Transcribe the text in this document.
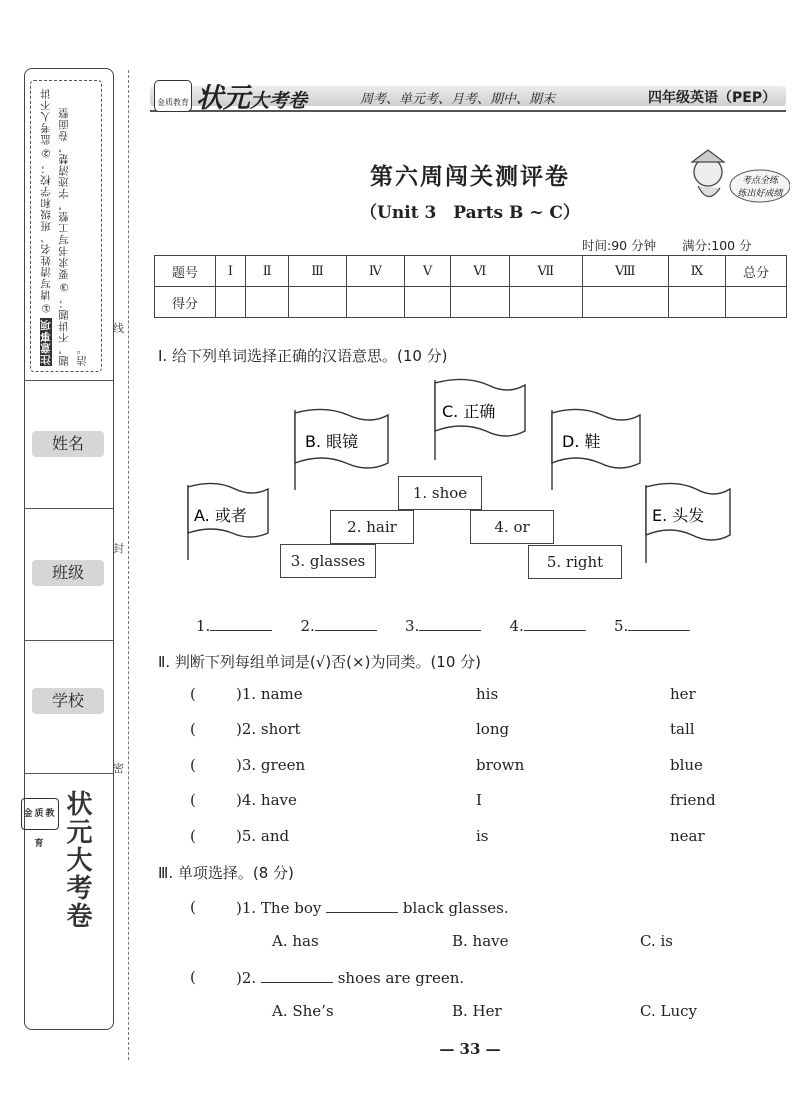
注意事项 ①请写清姓名、班级和学校； ②监考人不讲题，不讲题； ③要求书写工整，字迹清楚，卷面整洁。
姓名
班级
学校
状元大考卷
金质教育
线
封
密
金质教育 状元大考卷	周考、单元考、月考、期中、期末	四年级英语（PEP）
第六周闯关测评卷
（Unit 3　Parts B ~ C）
考点全练
练出好成绩
时间:90 分钟 满分:100 分
题号	Ⅰ	Ⅱ	Ⅲ	Ⅳ	Ⅴ	Ⅵ	Ⅶ	Ⅷ	Ⅸ	总分
得分										
Ⅰ. 给下列单词选择正确的汉语意思。(10 分)
A. 或者
B. 眼镜
C. 正确
D. 鞋
E. 头发
1. shoe
2. hair	4. or
3. glasses	5. right
1.	2.	3.	4.	5.
Ⅱ. 判断下列每组单词是(√)否(×)为同类。(10 分)
(	)1. name	his	her
(	)2. short	long	tall
(	)3. green	brown	blue
(	)4. have	I	friend
(	)5. and	is	near
Ⅲ. 单项选择。(8 分)
(	)1. The boy	black glasses.
A. has	B. have	C. is
(	)2.	shoes are green.
A. She’s	B. Her	C. Lucy
— 33 —
